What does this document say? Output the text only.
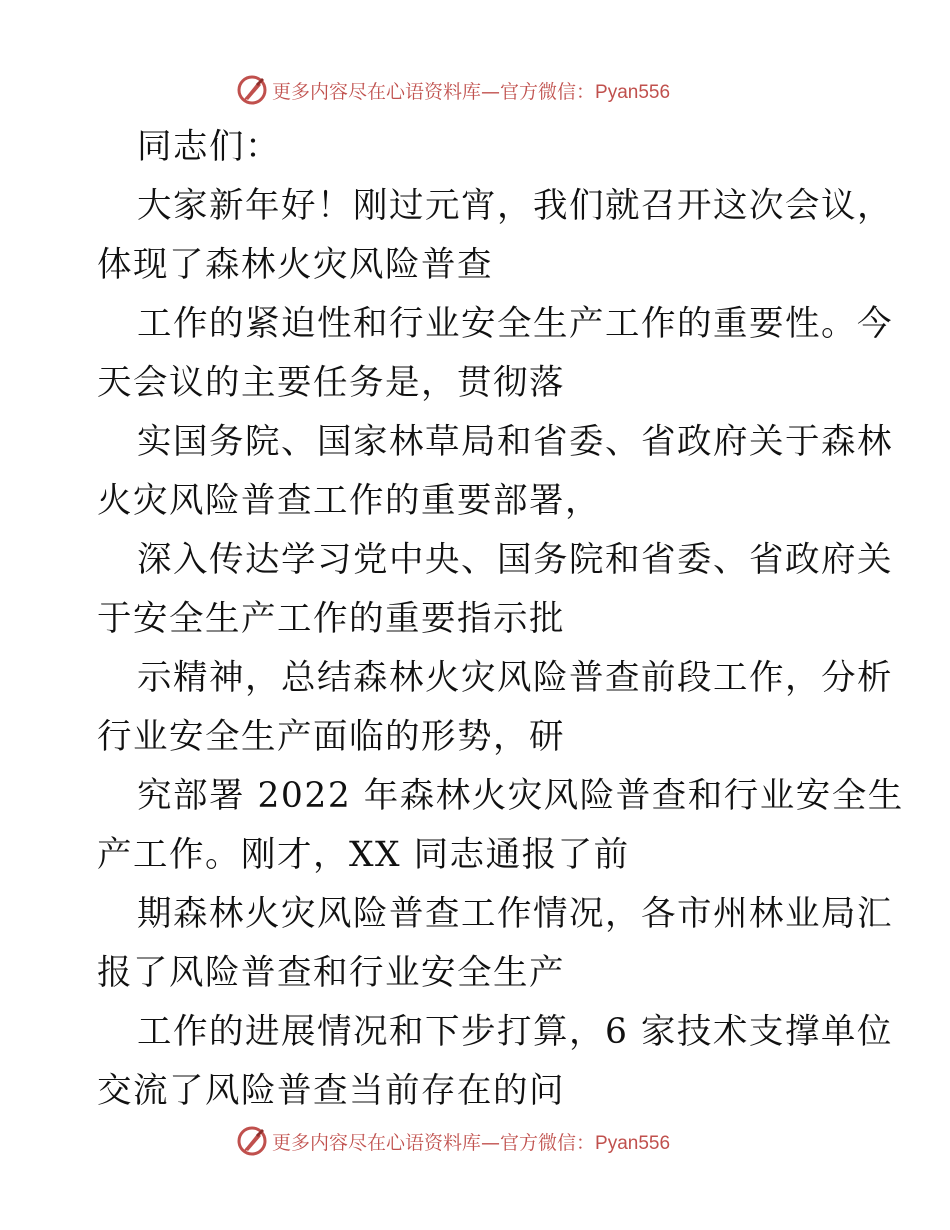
更多内容尽在心语资料库—官方微信：Pyan556
同志们：
大家新年好！刚过元宵，我们就召开这次会议，
体现了森林火灾风险普查
工作的紧迫性和行业安全生产工作的重要性。今
天会议的主要任务是，贯彻落
实国务院、国家林草局和省委、省政府关于森林
火灾风险普查工作的重要部署，
深入传达学习党中央、国务院和省委、省政府关
于安全生产工作的重要指示批
示精神，总结森林火灾风险普查前段工作，分析
行业安全生产面临的形势，研
究部署 2022 年森林火灾风险普查和行业安全生
产工作。刚才，XX 同志通报了前
期森林火灾风险普查工作情况，各市州林业局汇
报了风险普查和行业安全生产
工作的进展情况和下步打算，6 家技术支撑单位
交流了风险普查当前存在的问
更多内容尽在心语资料库—官方微信：Pyan556
